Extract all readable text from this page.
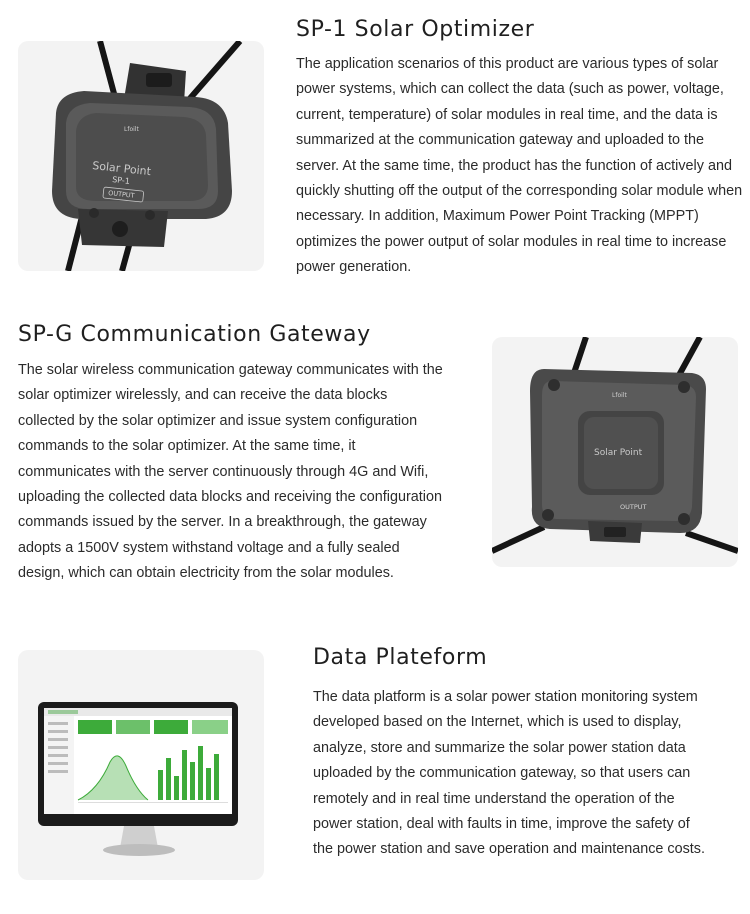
Lfoilt
Solar Point
SP-1
OUTPUT
SP-1 Solar Optimizer

The application scenarios of this product are various types of solar power systems, which can collect the data (such as power, voltage, current, temperature) of solar modules in real time, and the data is summarized at the communication gateway and uploaded to the server. At the same time, the product has the function of actively and quickly shutting off the output of the corresponding solar module when necessary. In addition, Maximum Power Point Tracking (MPPT) optimizes the power output of solar modules in real time to increase power generation.

SP-G Communication Gateway

The solar wireless communication gateway communicates with the solar optimizer wirelessly, and can receive the data blocks collected by the solar optimizer and issue system configuration commands to the solar optimizer. At the same time, it communicates with the server continuously through 4G and Wifi, uploading the collected data blocks and receiving the configuration commands issued by the server. In a breakthrough, the gateway adopts a 1500V system withstand voltage and a fully sealed design, which can obtain electricity from the solar modules.

Lfoilt
Solar Point
OUTPUT
Data Plateform

The data platform is a solar power station monitoring system developed based on the Internet, which is used to display, analyze, store and summarize the solar power station data uploaded by the communication gateway, so that users can remotely and in real time understand the operation of the power station, deal with faults in time, improve the safety of the power station and save operation and maintenance costs.
